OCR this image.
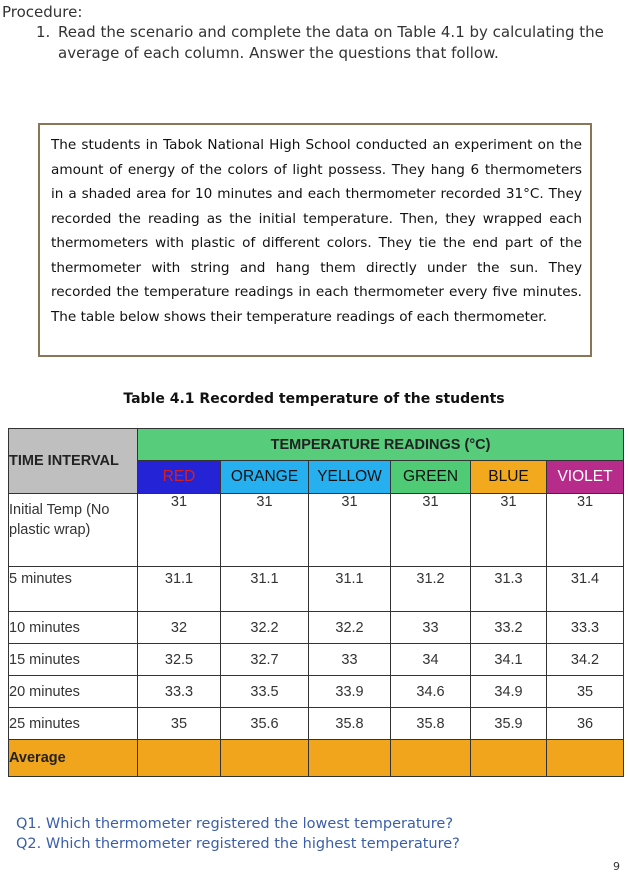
Procedure:
1. Read the scenario and complete the data on Table 4.1 by calculating the average of each column. Answer the questions that follow.
The students in Tabok National High School conducted an experiment on the amount of energy of the colors of light possess. They hang 6 thermometers in a shaded area for 10 minutes and each thermometer recorded 31°C. They recorded the reading as the initial temperature. Then, they wrapped each thermometers with plastic of different colors. They tie the end part of the thermometer with string and hang them directly under the sun. They recorded the temperature readings in each thermometer every five minutes. The table below shows their temperature readings of each thermometer.
Table 4.1 Recorded temperature of the students
TIME INTERVAL	TEMPERATURE READINGS (°C)					
	RED	ORANGE	YELLOW	GREEN	BLUE	VIOLET
Initial Temp (No plastic wrap)	31	31	31	31	31	31
5 minutes	31.1	31.1	31.1	31.2	31.3	31.4
10 minutes	32	32.2	32.2	33	33.2	33.3
15 minutes	32.5	32.7	33	34	34.1	34.2
20 minutes	33.3	33.5	33.9	34.6	34.9	35
25 minutes	35	35.6	35.8	35.8	35.9	36
Average						
Q1. Which thermometer registered the lowest temperature?
Q2. Which thermometer registered the highest temperature?
9
